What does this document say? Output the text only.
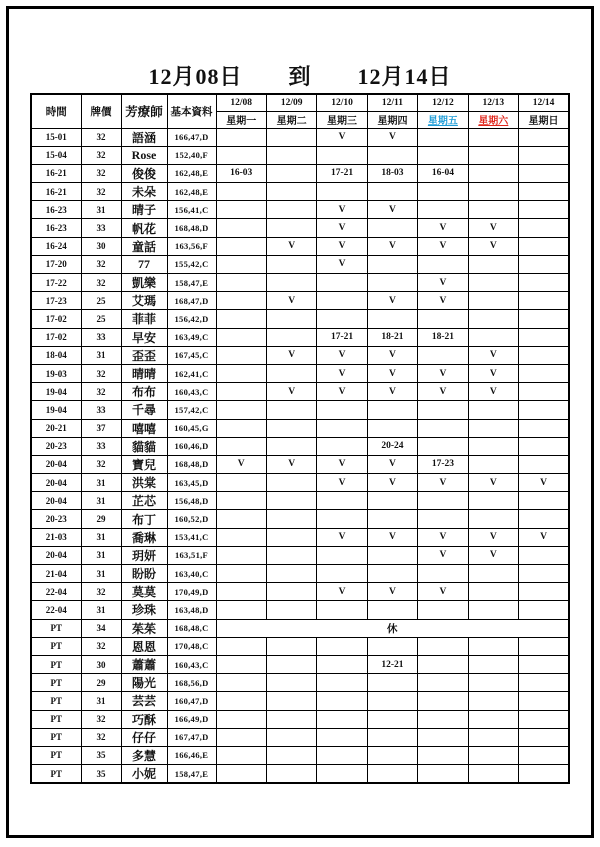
12月08日　　到　　12月14日
時間	牌價	芳療師	基本資料	12/08	12/09	12/10	12/11	12/12	12/13	12/14
				星期一	星期二	星期三	星期四	星期五	星期六	星期日
15-01	32	語涵	166,47,D			V	V			
15-04	32	Rose	152,40,F							
16-21	32	俊俊	162,48,E	16-03		17-21	18-03	16-04		
16-21	32	未朵	162,48,E							
16-23	31	晴子	156,41,C			V	V			
16-23	33	帆花	168,48,D			V		V	V	
16-24	30	童話	163,56,F		V	V	V	V	V	
17-20	32	77	155,42,C			V				
17-22	32	凱樂	158,47,E					V		
17-23	25	艾瑪	168,47,D		V		V	V		
17-02	25	菲菲	156,42,D							
17-02	33	早安	163,49,C			17-21	18-21	18-21		
18-04	31	歪歪	167,45,C		V	V	V		V	
19-03	32	晴晴	162,41,C			V	V	V	V	
19-04	32	布布	160,43,C		V	V	V	V	V	
19-04	33	千尋	157,42,C							
20-21	37	嘻嘻	160,45,G							
20-23	33	貓貓	160,46,D				20-24			
20-04	32	寶兒	168,48,D	V	V	V	V	17-23		
20-04	31	洪棠	163,45,D			V	V	V	V	V
20-04	31	芷芯	156,48,D							
20-23	29	布丁	160,52,D							
21-03	31	喬琳	153,41,C			V	V	V	V	V
20-04	31	玥妍	163,51,F					V	V	
21-04	31	盼盼	163,40,C							
22-04	32	莫莫	170,49,D			V	V	V		
22-04	31	珍珠	163,48,D							
PT	34	茱茱	168,48,C	休						
PT	32	恩恩	170,48,C							
PT	30	蕭蕭	160,43,C				12-21			
PT	29	陽光	168,56,D							
PT	31	芸芸	160,47,D							
PT	32	巧酥	166,49,D							
PT	32	仔仔	167,47,D							
PT	35	多慧	166,46,E							
PT	35	小妮	158,47,E							
